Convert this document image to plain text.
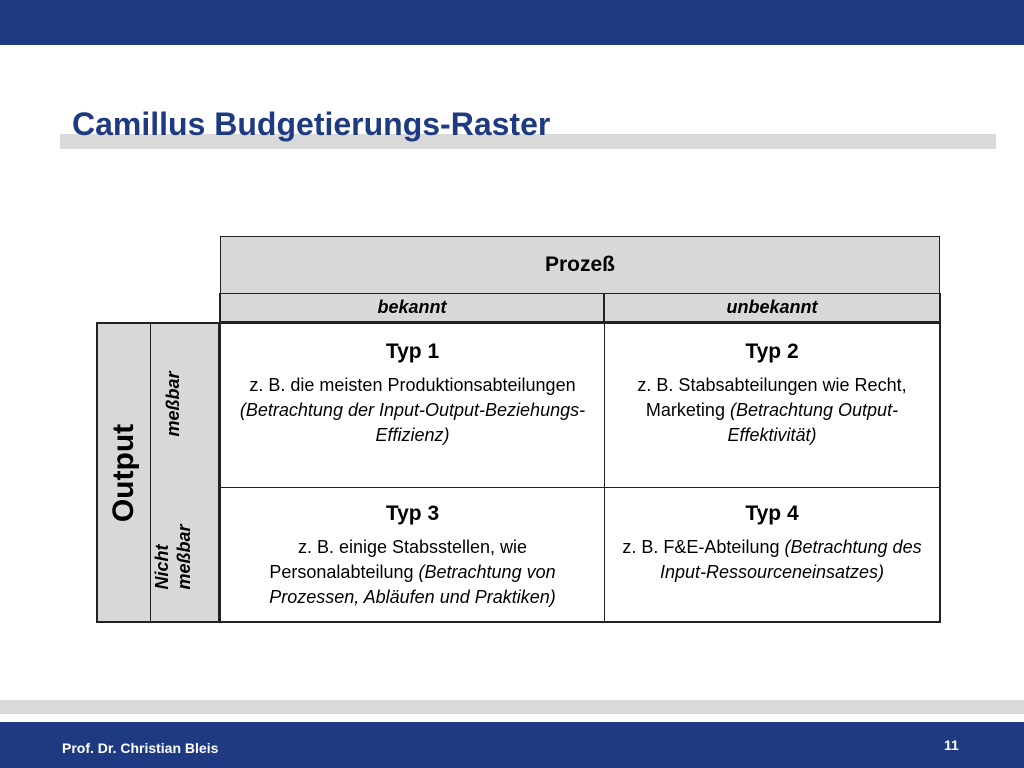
Camillus Budgetierungs-Raster
Prozeß
bekannt	unbekannt
Output
meßbar
Nicht meßbar
Typ 1
z. B. die meisten Produktionsabteilungen (Betrachtung der Input-Output-Beziehungs-Effizienz)
Typ 2
z. B. Stabsabteilungen wie Recht, Marketing (Betrachtung Output-Effektivität)
Typ 3
z. B. einige Stabsstellen, wie Personalabteilung (Betrachtung von Prozessen, Abläufen und Praktiken)
Typ 4
z. B. F&E-Abteilung (Betrachtung des Input-Ressourceneinsatzes)
Prof. Dr. Christian Bleis	11
